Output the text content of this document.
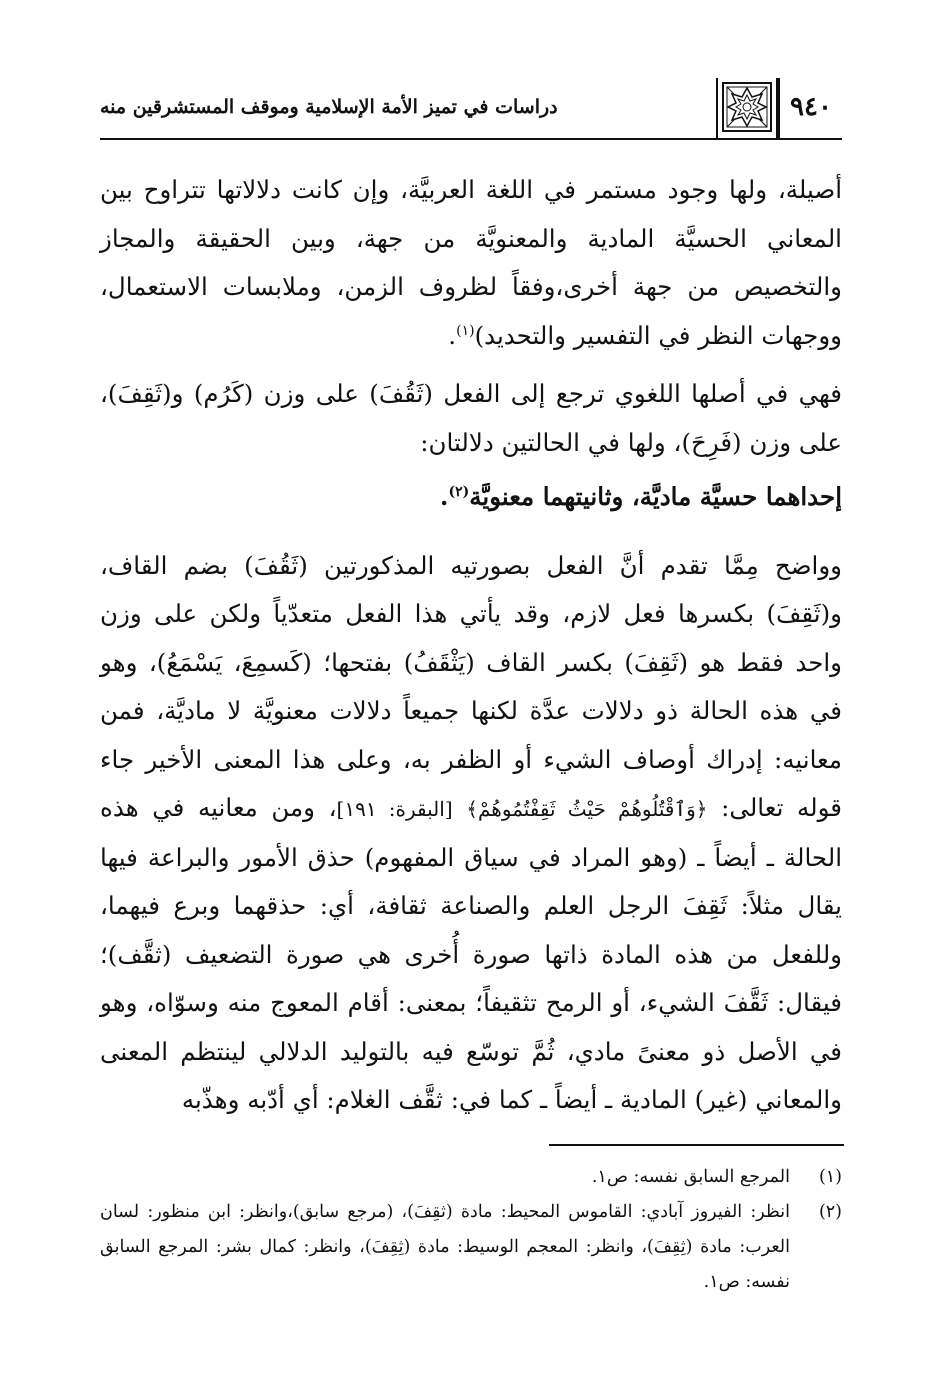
٩٤٠
دراسات في تميز الأمة الإسلامية وموقف المستشرقين منه

أصيلة، ولها وجود مستمر في اللغة العربيَّة، وإن كانت دلالاتها تتراوح بين المعاني الحسيَّة المادية والمعنويَّة من جهة، وبين الحقيقة والمجاز والتخصيص من جهة أخرى،وفقاً لظروف الزمن، وملابسات الاستعمال، ووجهات النظر في التفسير والتحديد)$^{(١)}$.

فهي في أصلها اللغوي ترجع إلى الفعل (ثَقُفَ) على وزن (كَرُم) و(ثَقِفَ)، على وزن (فَرِحَ)، ولها في الحالتين دلالتان:

إحداهما حسيَّة ماديَّة، وثانيتهما معنويَّة$^{(٢)}$.

وواضح مِمَّا تقدم أنَّ الفعل بصورتيه المذكورتين (ثَقُفَ) بضم القاف، و(ثَقِفَ) بكسرها فعل لازم، وقد يأتي هذا الفعل متعدّياً ولكن على وزن واحد فقط هو (ثَقِفَ) بكسر القاف (يَثْقَفُ) بفتحها؛ (كَسمِعَ، يَسْمَعُ)، وهو في هذه الحالة ذو دلالات عدَّة لكنها جميعاً دلالات معنويَّة لا ماديَّة، فمن معانيه: إدراك أوصاف الشيء أو الظفر به، وعلى هذا المعنى الأخير جاء قوله تعالى: ﴿وَٱقْتُلُوهُمْ حَيْثُ ثَقِفْتُمُوهُمْ﴾ [البقرة: ١٩١]، ومن معانيه في هذه الحالة ـ أيضاً ـ (وهو المراد في سياق المفهوم) حذق الأمور والبراعة فيها يقال مثلاً: ثَقِفَ الرجل العلم والصناعة ثقافة، أي: حذقهما وبرع فيهما، وللفعل من هذه المادة ذاتها صورة أُخرى هي صورة التضعيف (ثقَّف)؛ فيقال: ثَقَّفَ الشيء، أو الرمح تثقيفاً؛ بمعنى: أقام المعوج منه وسوّاه، وهو في الأصل ذو معنىً مادي، ثُمَّ توسّع فيه بالتوليد الدلالي لينتظم المعنى والمعاني (غير) المادية ـ أيضاً ـ كما في: ثقَّف الغلام: أي أدّبه وهذّبه

(١)
المرجع السابق نفسه: ص١.
(٢)
انظر: الفيروز آبادي: القاموس المحيط: مادة (ثقِفَ)، (مرجع سابق)،وانظر: ابن منظور: لسان العرب: مادة (ثِقِفَ)، وانظر: المعجم الوسيط: مادة (ثِقِفَ)، وانظر: كمال بشر: المرجع السابق نفسه: ص١.
